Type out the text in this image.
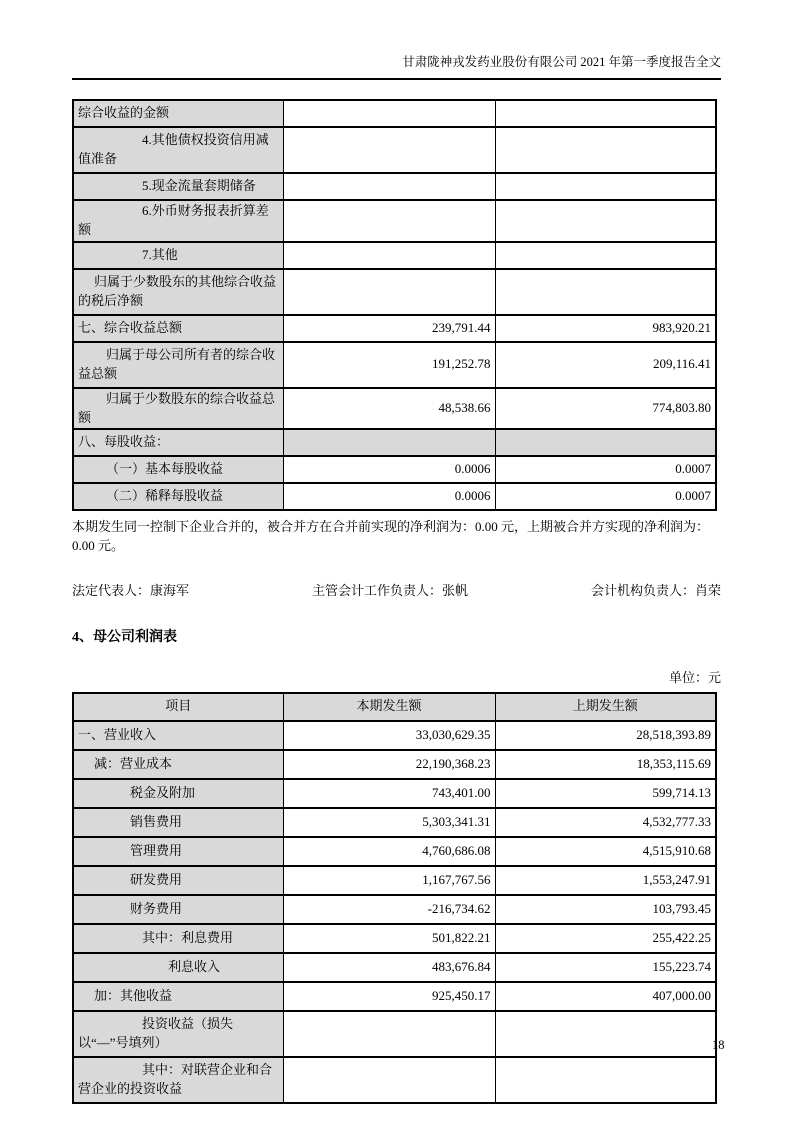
甘肃陇神戎发药业股份有限公司 2021 年第一季度报告全文
综合收益的金额		
4.其他债权投资信用减值准备		
5.现金流量套期储备		
6.外币财务报表折算差额		
7.其他		
归属于少数股东的其他综合收益的税后净额		
七、综合收益总额	239,791.44	983,920.21
归属于母公司所有者的综合收益总额	191,252.78	209,116.41
归属于少数股东的综合收益总额	48,538.66	774,803.80
八、每股收益：		
（一）基本每股收益	0.0006	0.0007
（二）稀释每股收益	0.0006	0.0007
本期发生同一控制下企业合并的，被合并方在合并前实现的净利润为：0.00 元，上期被合并方实现的净利润为：0.00 元。
法定代表人：康海军	主管会计工作负责人：张帆	会计机构负责人：肖荣
4、母公司利润表
单位：元
项目	本期发生额	上期发生额
一、营业收入	33,030,629.35	28,518,393.89
减：营业成本	22,190,368.23	18,353,115.69
税金及附加	743,401.00	599,714.13
销售费用	5,303,341.31	4,532,777.33
管理费用	4,760,686.08	4,515,910.68
研发费用	1,167,767.56	1,553,247.91
财务费用	-216,734.62	103,793.45
其中：利息费用	501,822.21	255,422.25
利息收入	483,676.84	155,223.74
加：其他收益	925,450.17	407,000.00
投资收益（损失以“—”号填列）		
其中：对联营企业和合营企业的投资收益		
18
